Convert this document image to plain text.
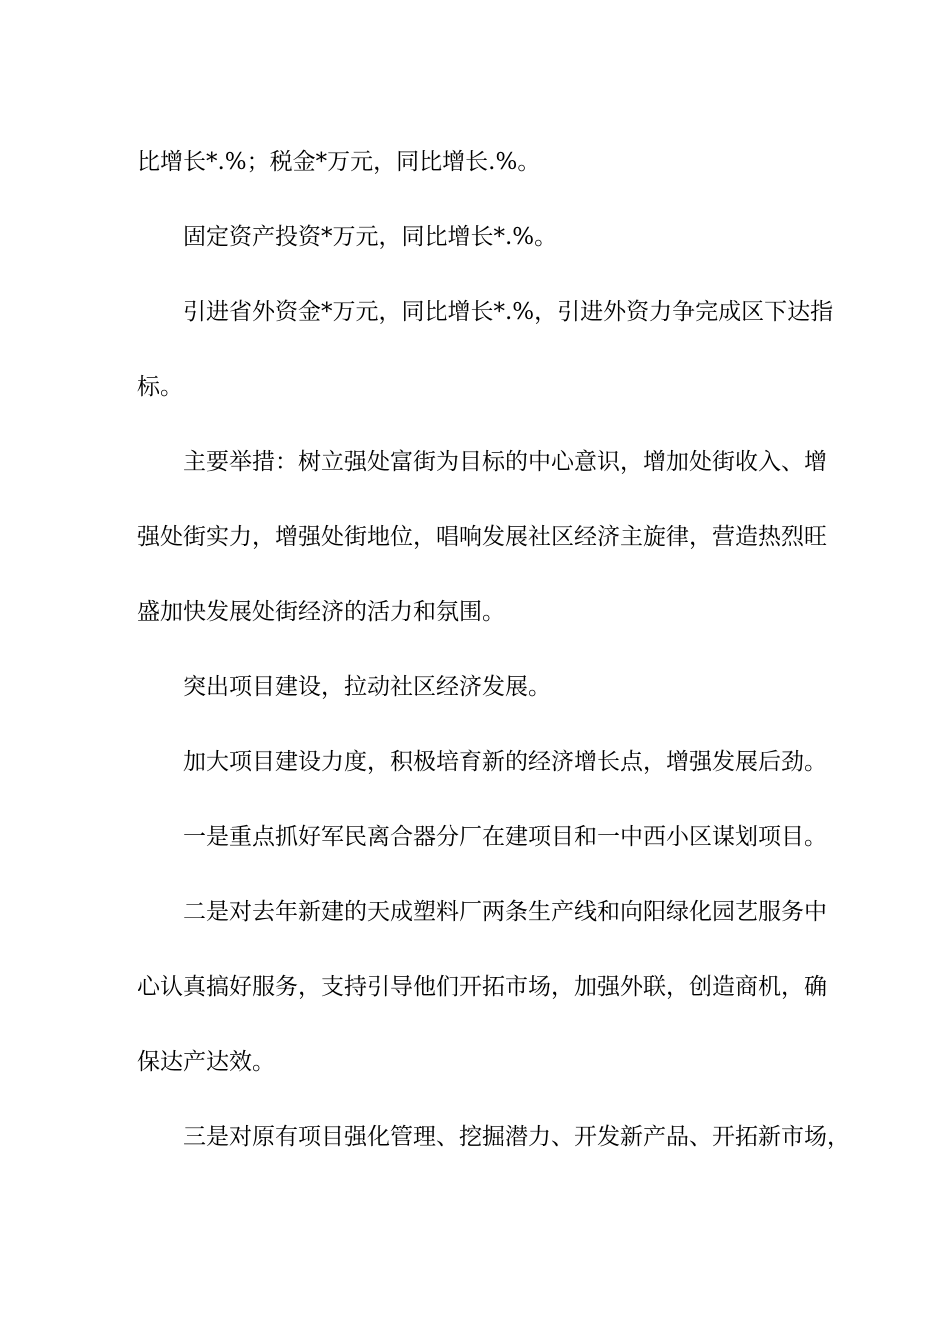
比增长*.%；税金*万元，同比增长.%。
固定资产投资*万元，同比增长*.%。
引进省外资金*万元，同比增长*.%，引进外资力争完成区下达指
标。
主要举措：树立强处富街为目标的中心意识，增加处街收入、增
强处街实力，增强处街地位，唱响发展社区经济主旋律，营造热烈旺
盛加快发展处街经济的活力和氛围。
突出项目建设，拉动社区经济发展。
加大项目建设力度，积极培育新的经济增长点，增强发展后劲。
一是重点抓好军民离合器分厂在建项目和一中西小区谋划项目。
二是对去年新建的天成塑料厂两条生产线和向阳绿化园艺服务中
心认真搞好服务，支持引导他们开拓市场，加强外联，创造商机，确
保达产达效。
三是对原有项目强化管理、挖掘潜力、开发新产品、开拓新市场，
